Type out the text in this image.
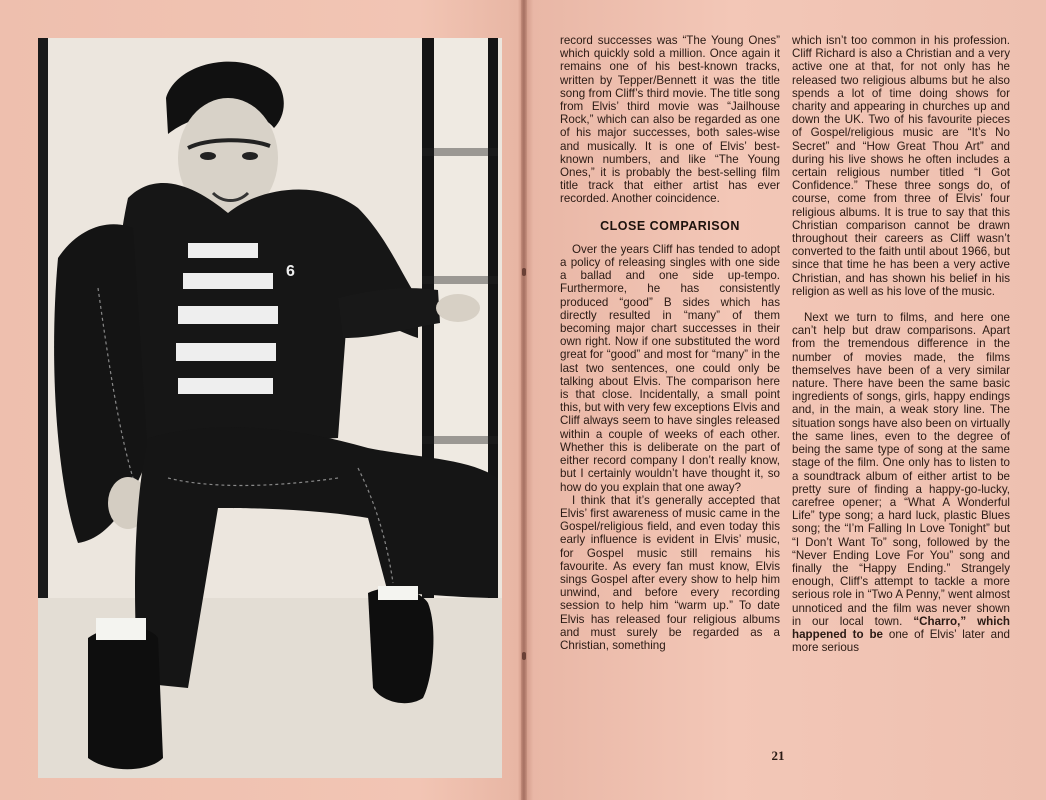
6

record successes was “The Young Ones” which quickly sold a million. Once again it remains one of his best-known tracks, written by Tepper/Bennett it was the title song from Cliff’s third movie. The title song from Elvis’ third movie was “Jailhouse Rock,” which can also be regarded as one of his major successes, both sales-wise and musically. It is one of Elvis’ best-known numbers, and like “The Young Ones,” it is probably the best-selling film title track that either artist has ever recorded. Another coincidence.

CLOSE COMPARISON

Over the years Cliff has tended to adopt a policy of releasing singles with one side a ballad and one side up-tempo. Furthermore, he has consistently produced “good” B sides which has directly resulted in “many” of them becoming major chart successes in their own right. Now if one substituted the word great for “good” and most for “many” in the last two sentences, one could only be talking about Elvis. The comparison here is that close. Incidentally, a small point this, but with very few exceptions Elvis and Cliff always seem to have singles released within a couple of weeks of each other. Whether this is deliberate on the part of either record company I don’t really know, but I certainly wouldn’t have thought it, so how do you explain that one away?

I think that it’s generally accepted that Elvis’ first awareness of music came in the Gospel/religious field, and even today this early influence is evident in Elvis’ music, for Gospel music still remains his favourite. As every fan must know, Elvis sings Gospel after every show to help him unwind, and before every recording session to help him “warm up.” To date Elvis has released four religious albums and must surely be regarded as a Christian, something

which isn’t too common in his profession. Cliff Richard is also a Christian and a very active one at that, for not only has he released two religious albums but he also spends a lot of time doing shows for charity and appearing in churches up and down the UK. Two of his favourite pieces of Gospel/religious music are “It’s No Secret” and “How Great Thou Art” and during his live shows he often includes a certain religious number titled “I Got Confidence.” These three songs do, of course, come from three of Elvis’ four religious albums. It is true to say that this Christian comparison cannot be drawn throughout their careers as Cliff wasn’t converted to the faith until about 1966, but since that time he has been a very active Christian, and has shown his belief in his religion as well as his love of the music.

Next we turn to films, and here one can’t help but draw comparisons. Apart from the tremendous difference in the number of movies made, the films themselves have been of a very similar nature. There have been the same basic ingredients of songs, girls, happy endings and, in the main, a weak story line. The situation songs have also been on virtually the same lines, even to the degree of being the same type of song at the same stage of the film. One only has to listen to a soundtrack album of either artist to be pretty sure of finding a happy-go-lucky, carefree opener; a “What A Wonderful Life” type song; a hard luck, plastic Blues song; the “I’m Falling In Love Tonight” but “I Don’t Want To” song, followed by the “Never Ending Love For You” song and finally the “Happy Ending.” Strangely enough, Cliff’s attempt to tackle a more serious role in “Two A Penny,” went almost unnoticed and the film was never shown in our local town. “Charro,” which happened to be one of Elvis’ later and more serious

21
